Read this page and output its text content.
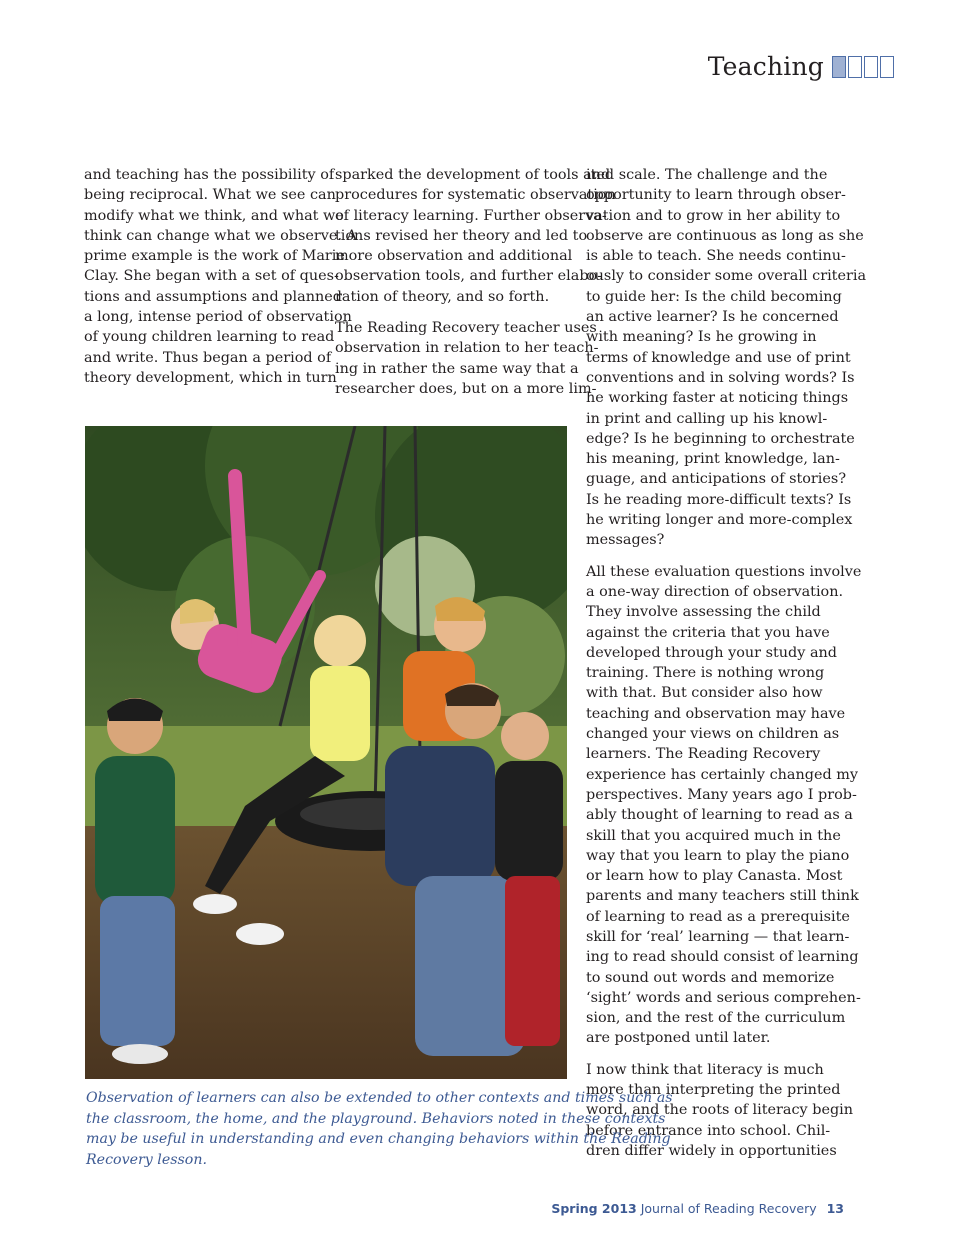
Teaching

and teaching has the possibility of
being reciprocal. What we see can
modify what we think, and what we
think can change what we observe. A
prime example is the work of Marie
Clay. She began with a set of ques-
tions and assumptions and planned
a long, intense period of observation
of young children learning to read
and write. Thus began a period of
theory development, which in turn

sparked the development of tools and
procedures for systematic observation
of literacy learning. Further observa-
tions revised her theory and led to
more observation and additional
observation tools, and further elabo-
ration of theory, and so forth.

The Reading Recovery teacher uses
observation in relation to her teach-
ing in rather the same way that a
researcher does, but on a more lim-

ited scale. The challenge and the
opportunity to learn through obser-
vation and to grow in her ability to
observe are continuous as long as she
is able to teach. She needs continu-
ously to consider some overall criteria
to guide her: Is the child becoming
an active learner? Is he concerned
with meaning? Is he growing in
terms of knowledge and use of print
conventions and in solving words? Is
he working faster at noticing things
in print and calling up his knowl-
edge? Is he beginning to orchestrate
his meaning, print knowledge, lan-
guage, and anticipations of stories?
Is he reading more-difficult texts? Is
he writing longer and more-complex
messages?

All these evaluation questions involve
a one-way direction of observation.
They involve assessing the child
against the criteria that you have
developed through your study and
training. There is nothing wrong
with that. But consider also how
teaching and observation may have
changed your views on children as
learners. The Reading Recovery
experience has certainly changed my
perspectives. Many years ago I prob-
ably thought of learning to read as a
skill that you acquired much in the
way that you learn to play the piano
or learn how to play Canasta. Most
parents and many teachers still think
of learning to read as a prerequisite
skill for ‘real’ learning — that learn-
ing to read should consist of learning
to sound out words and memorize
‘sight’ words and serious comprehen-
sion, and the rest of the curriculum
are postponed until later.

I now think that literacy is much
more than interpreting the printed
word, and the roots of literacy begin
before entrance into school. Chil-
dren differ widely in opportunities

Observation of learners can also be extended to other contexts and times such as
the classroom, the home, and the playground. Behaviors noted in these contexts
may be useful in understanding and even changing behaviors within the Reading
Recovery lesson.
Spring 2013 Journal of Reading Recovery 13
